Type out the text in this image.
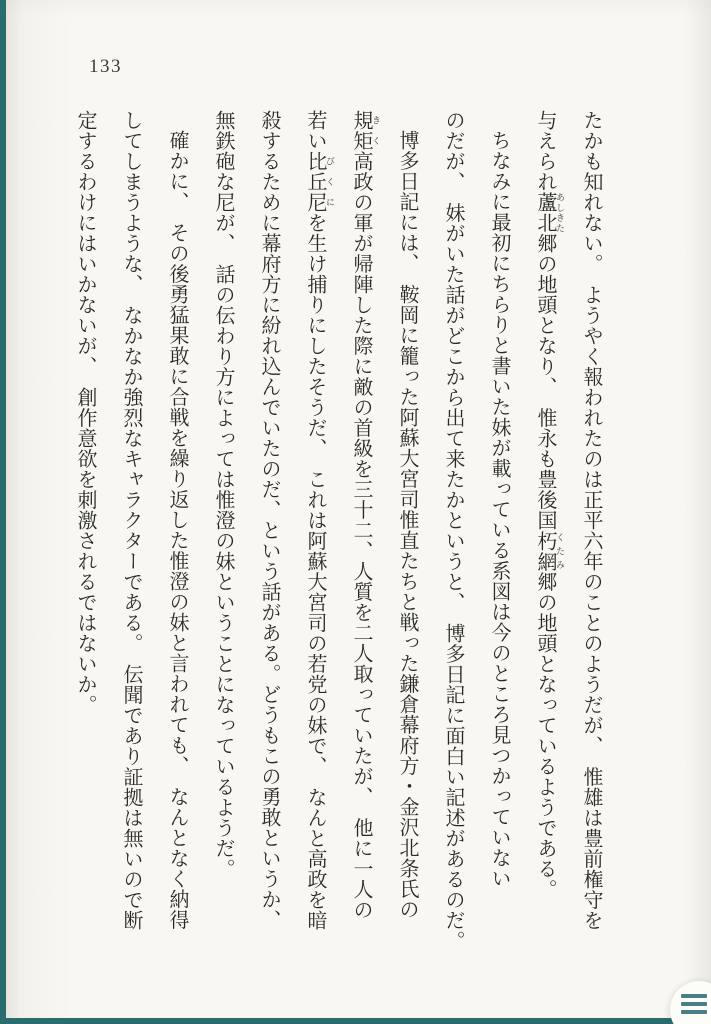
133

たかも知れない。　ようやく報われたのは正平六年のことのようだが、　惟雄は豊前権守を

与えられ蘆北 あしきた郷の地頭となり、　惟永も豊後国朽網 くたみ郷の地頭となっているようである。

ちなみに最初にちらりと書いた妹が載っている系図は今のところ見つかっていない

のだが、　妹がいた話がどこから出て来たかというと、　博多日記に面白い記述があるのだ。

博多日記には、　鞍岡に籠った阿蘇大宮司惟直たちと戦った鎌倉幕府方・金沢北条氏の

規矩 きく高政の軍が帰陣した際に敵の首級を三十二、人質を二人取っていたが、　他に一人の

若い比丘尼 びくにを生け捕りにしたそうだ、　これは阿蘇大宮司の若党の妹で、　なんと高政を暗

殺するために幕府方に紛れ込んでいたのだ、という話がある。どうもこの勇敢というか、

無鉄砲な尼が、　話の伝わり方によっては惟澄の妹ということになっているようだ。

確かに、　その後勇猛果敢に合戦を繰り返した惟澄の妹と言われても、　なんとなく納得

してしまうような、　なかなか強烈なキャラクターである。　伝聞であり証拠は無いので断

定するわけにはいかないが、　創作意欲を刺激されるではないか。
